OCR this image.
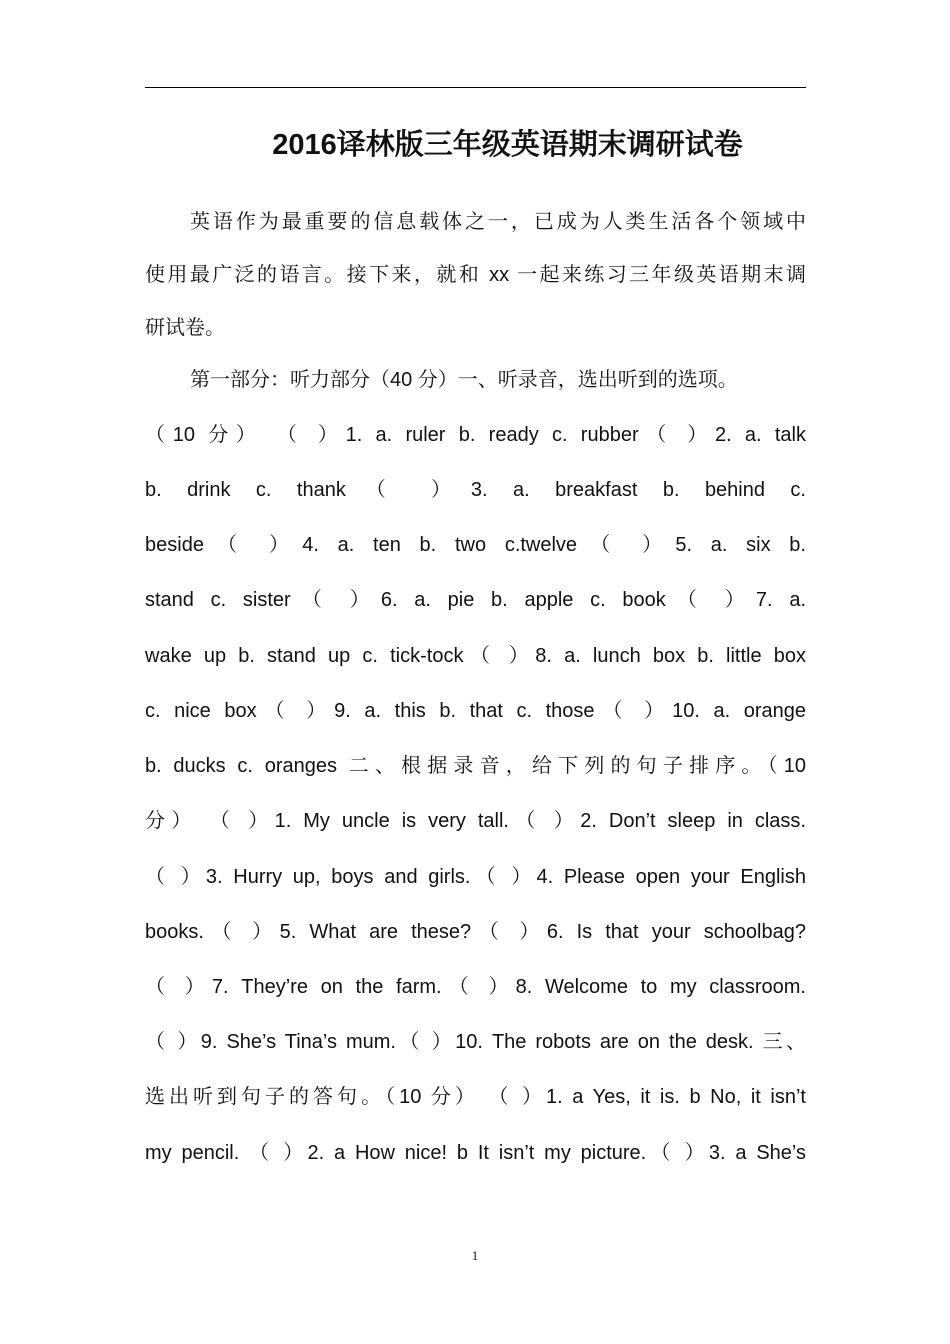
2016译林版三年级英语期末调研试卷
英语作为最重要的信息载体之一，已成为人类生活各个领域中
使用最广泛的语言。接下来，就和 xx 一起来练习三年级英语期末调
研试卷。
第一部分：听力部分（40 分）一、听录音，选出听到的选项。
（10 分） （ ）1. a. ruler b. ready c. rubber（ ）2. a. talk
b. drink c. thank（ ）3. a. breakfast b. behind c.
beside（ ）4. a. ten b. two c.twelve（ ）5. a. six b.
stand c. sister（ ）6. a. pie b. apple c. book（ ）7. a.
wake up b. stand up c. tick-tock（ ）8. a. lunch box b. little box
c. nice box（ ）9. a. this b. that c. those（ ）10. a. orange
b. ducks c. oranges 二、根据录音，给下列的句子排序。（10
分） （ ）1. My uncle is very tall.（ ）2. Don’t sleep in class.
（ ）3. Hurry up, boys and girls.（ ）4. Please open your English
books.（ ）5. What are these?（ ）6. Is that your schoolbag?
（ ）7. They’re on the farm.（ ）8. Welcome to my classroom.
（ ）9. She’s Tina’s mum.（ ）10. The robots are on the desk. 三、
选出听到句子的答句。（10 分） （ ）1. a Yes, it is. b No, it isn’t
my pencil. （ ）2. a How nice! b It isn’t my picture.（ ）3. a She’s
1
